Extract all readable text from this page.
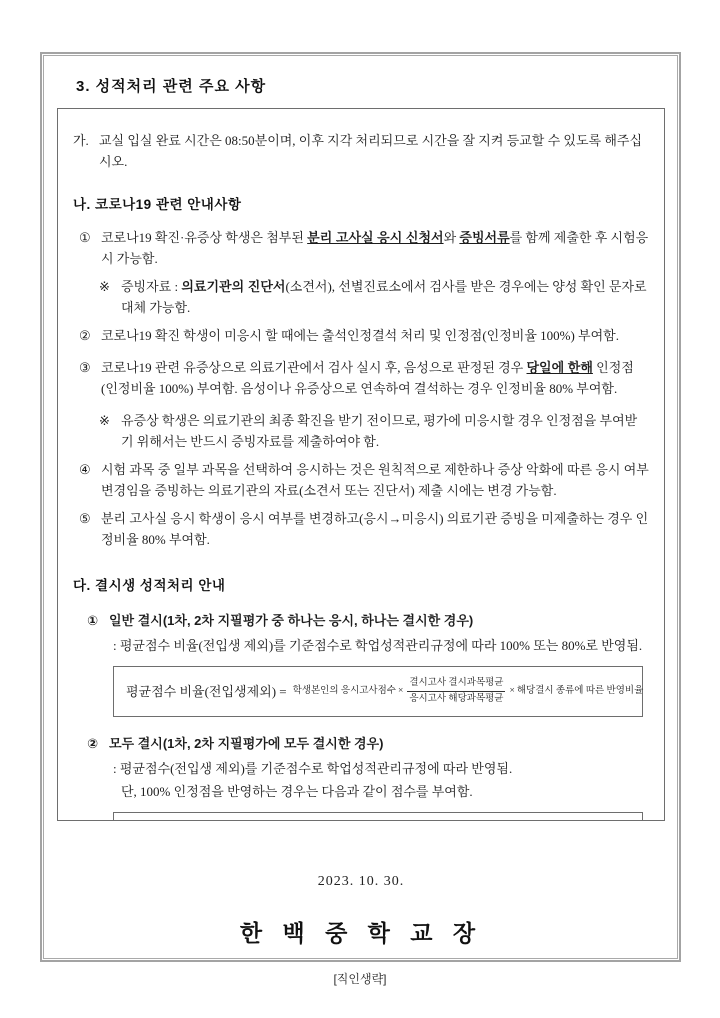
3. 성적처리 관련 주요 사항
가. 교실 입실 완료 시간은 08:50분이며, 이후 지각 처리되므로 시간을 잘 지켜 등교할 수 있도록 해주십시오.
나. 코로나19 관련 안내사항
① 코로나19 확진·유증상 학생은 첨부된 분리 고사실 응시 신청서와 증빙서류를 함께 제출한 후 시험응시 가능함.
※ 증빙자료 : 의료기관의 진단서(소견서), 선별진료소에서 검사를 받은 경우에는 양성 확인 문자로 대체 가능함.
② 코로나19 확진 학생이 미응시 할 때에는 출석인정결석 처리 및 인정점(인정비율 100%) 부여함.
③ 코로나19 관련 유증상으로 의료기관에서 검사 실시 후, 음성으로 판정된 경우 당일에 한해 인정점(인정비율 100%) 부여함. 음성이나 유증상으로 연속하여 결석하는 경우 인정비율 80% 부여함.
※ 유증상 학생은 의료기관의 최종 확진을 받기 전이므로, 평가에 미응시할 경우 인정점을 부여받기 위해서는 반드시 증빙자료를 제출하여야 함.
④ 시험 과목 중 일부 과목을 선택하여 응시하는 것은 원칙적으로 제한하나 증상 악화에 따른 응시 여부 변경임을 증빙하는 의료기관의 자료(소견서 또는 진단서) 제출 시에는 변경 가능함.
⑤ 분리 고사실 응시 학생이 응시 여부를 변경하고(응시→미응시) 의료기관 증빙을 미제출하는 경우 인정비율 80% 부여함.
다. 결시생 성적처리 안내
① 일반 결시(1차, 2차 지필평가 중 하나는 응시, 하나는 결시한 경우)
: 평균점수 비율(전입생 제외)를 기준점수로 학업성적관리규정에 따라 100% 또는 80%로 반영됨.
평균점수 비율(전입생제외) = 학생본인의 응시고사점수 × $\frac{\text{결시고사 결시과목평균}}{\text{응시고사 해당과목평균}}$ × 해당결시 종류에 따른 반영비율
② 모두 결시(1차, 2차 지필평가에 모두 결시한 경우)
: 평균점수(전입생 제외)를 기준점수로 학업성적관리규정에 따라 반영됨.
단, 100% 인정점을 반영하는 경우는 다음과 같이 점수를 부여함.
2023. 10. 30.
한 백 중 학 교 장
[직인생략]
